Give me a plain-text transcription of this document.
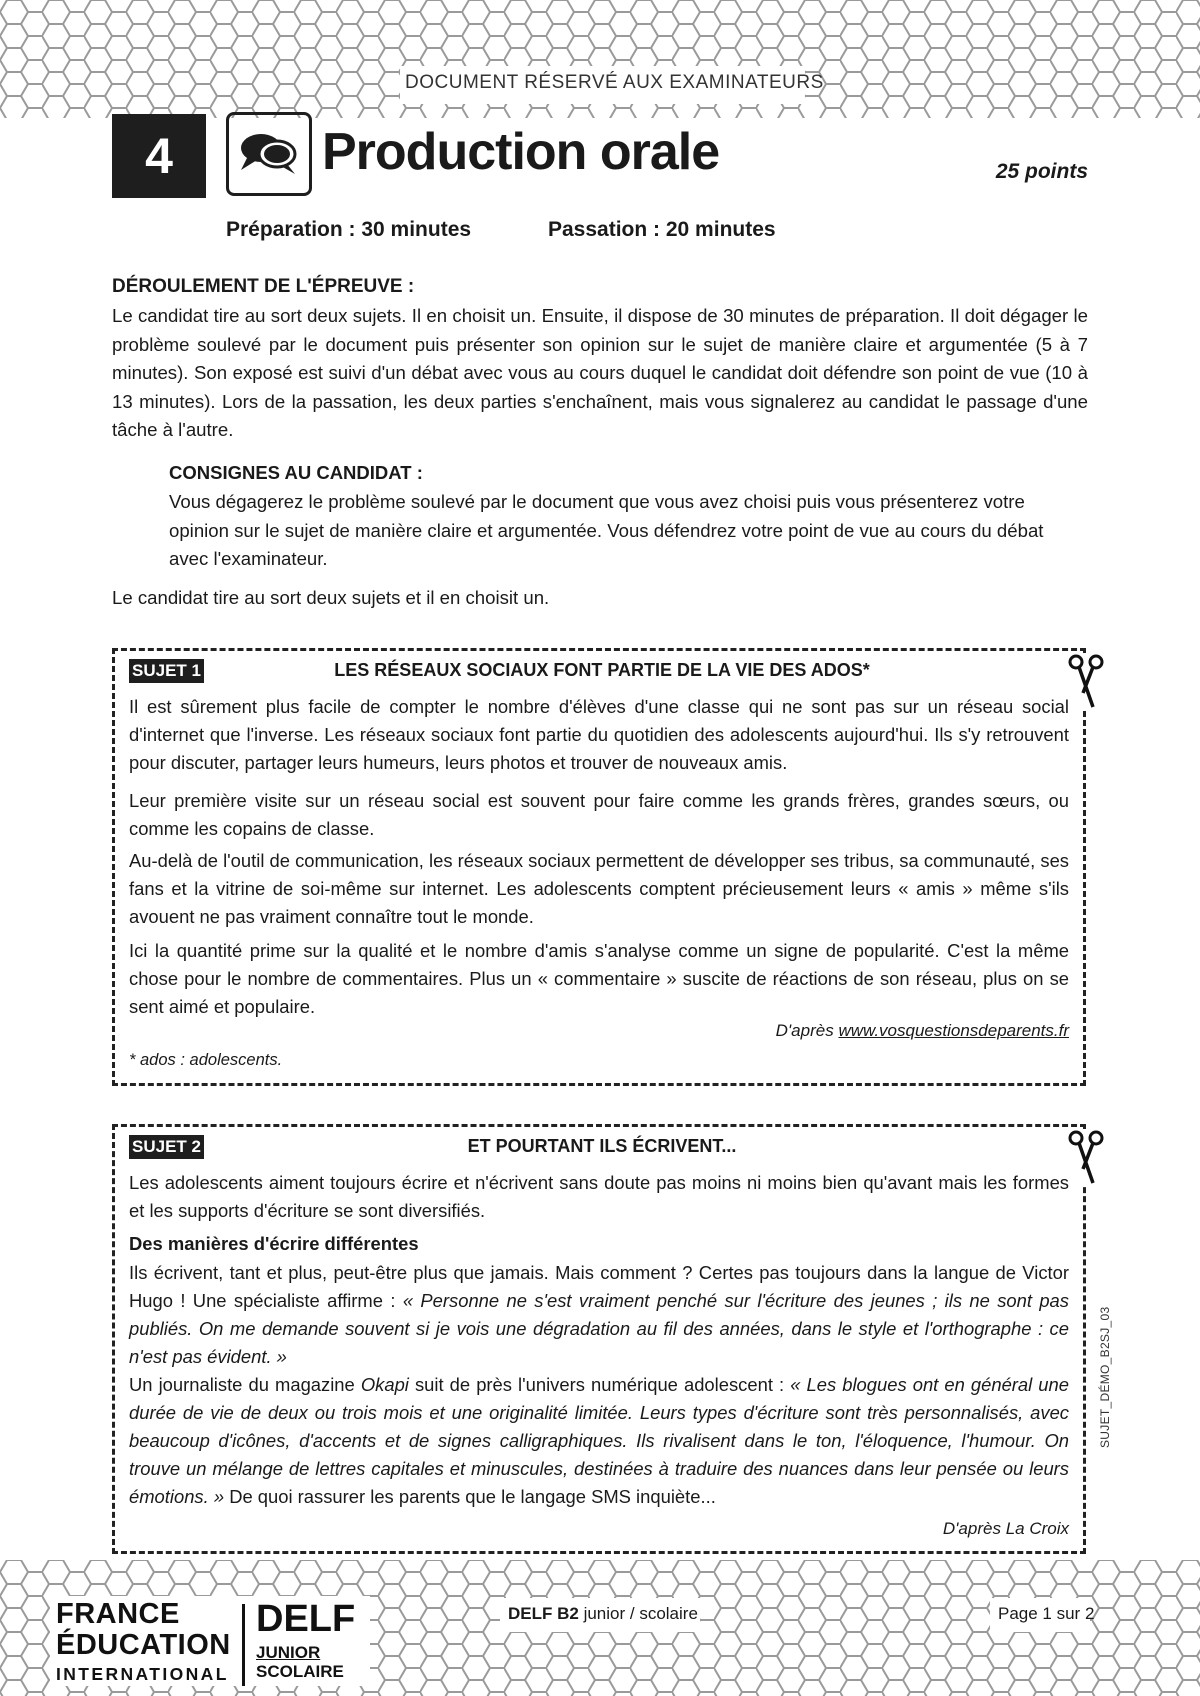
DOCUMENT RÉSERVÉ AUX EXAMINATEURS
4	Production orale	25 points
Préparation : 30 minutes	Passation : 20 minutes
DÉROULEMENT DE L'ÉPREUVE :

Le candidat tire au sort deux sujets. Il en choisit un. Ensuite, il dispose de 30 minutes de préparation. Il doit dégager le problème soulevé par le document puis présenter son opinion sur le sujet de manière claire et argumentée (5 à 7 minutes). Son exposé est suivi d'un débat avec vous au cours duquel le candidat doit défendre son point de vue (10 à 13 minutes). Lors de la passation, les deux parties s'enchaînent, mais vous signalerez au candidat le passage d'une tâche à l'autre.

CONSIGNES AU CANDIDAT :

Vous dégagerez le problème soulevé par le document que vous avez choisi puis vous présenterez votre opinion sur le sujet de manière claire et argumentée. Vous défendrez votre point de vue au cours du débat avec l'examinateur.

Le candidat tire au sort deux sujets et il en choisit un.

LES RÉSEAUX SOCIAUX FONT PARTIE DE LA VIE DES ADOS*
SUJET 1

Il est sûrement plus facile de compter le nombre d'élèves d'une classe qui ne sont pas sur un réseau social d'internet que l'inverse. Les réseaux sociaux font partie du quotidien des adolescents aujourd'hui. Ils s'y retrouvent pour discuter, partager leurs humeurs, leurs photos et trouver de nouveaux amis.

Leur première visite sur un réseau social est souvent pour faire comme les grands frères, grandes sœurs, ou comme les copains de classe.

Au-delà de l'outil de communication, les réseaux sociaux permettent de développer ses tribus, sa communauté, ses fans et la vitrine de soi-même sur internet. Les adolescents comptent précieusement leurs « amis » même s'ils avouent ne pas vraiment connaître tout le monde.

Ici la quantité prime sur la qualité et le nombre d'amis s'analyse comme un signe de popularité. C'est la même chose pour le nombre de commentaires. Plus un « commentaire » suscite de réactions de son réseau, plus on se sent aimé et populaire.

D'après www.vosquestionsdeparents.fr
* ados : adolescents.
ET POURTANT ILS ÉCRIVENT...
SUJET 2

Les adolescents aiment toujours écrire et n'écrivent sans doute pas moins ni moins bien qu'avant mais les formes et les supports d'écriture se sont diversifiés.

Des manières d'écrire différentes

Ils écrivent, tant et plus, peut-être plus que jamais. Mais comment ? Certes pas toujours dans la langue de Victor Hugo ! Une spécialiste affirme : « Personne ne s'est vraiment penché sur l'écriture des jeunes ; ils ne sont pas publiés. On me demande souvent si je vois une dégradation au fil des années, dans le style et l'orthographe : ce n'est pas évident. »

Un journaliste du magazine Okapi suit de près l'univers numérique adolescent : « Les blogues ont en général une durée de vie de deux ou trois mois et une originalité limitée. Leurs types d'écriture sont très personnalisés, avec beaucoup d'icônes, d'accents et de signes calligraphiques. Ils rivalisent dans le ton, l'éloquence, l'humour. On trouve un mélange de lettres capitales et minuscules, destinées à traduire des nuances dans leur pensée ou leurs émotions. » De quoi rassurer les parents que le langage SMS inquiète...

D'après La Croix
SUJET_DÉMO_B2SJ_03
FRANCE
ÉDUCATION
INTERNATIONAL
DELF
JUNIOR
SCOLAIRE
DELF B2 junior / scolaire	Page 1 sur 2
